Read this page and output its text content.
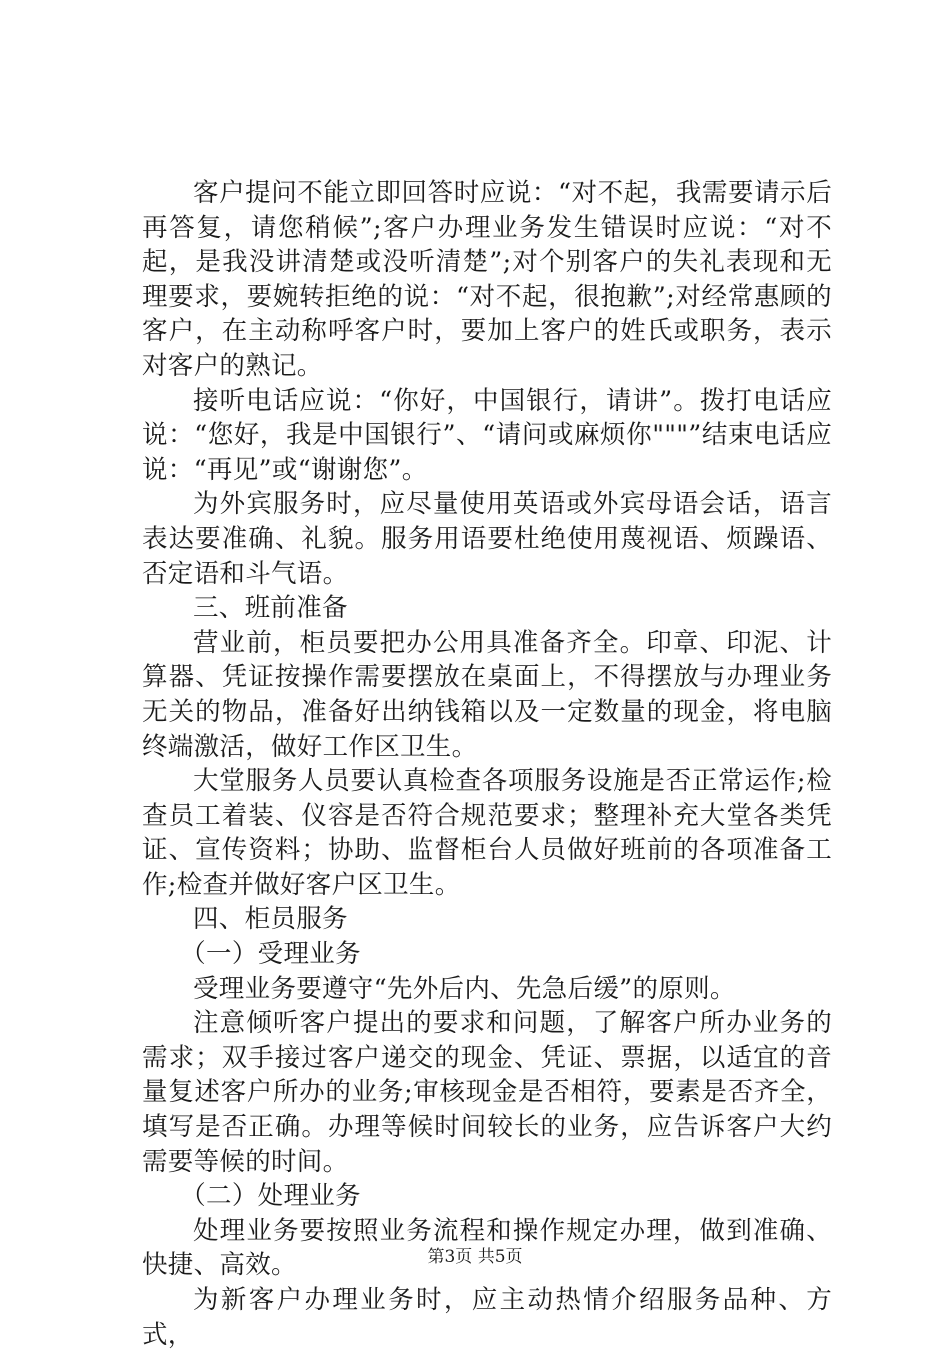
客户提问不能立即回答时应说：“对不起，我需要请示后再答复，请您稍候”;客户办理业务发生错误时应说：“对不起，是我没讲清楚或没听清楚”;对个别客户的失礼表现和无理要求，要婉转拒绝的说：“对不起，很抱歉”;对经常惠顾的客户，在主动称呼客户时，要加上客户的姓氏或职务，表示对客户的熟记。

接听电话应说：“你好，中国银行，请讲”。拨打电话应说：“您好，我是中国银行”、“请问或麻烦你"""”结束电话应说：“再见”或“谢谢您”。

为外宾服务时，应尽量使用英语或外宾母语会话，语言表达要准确、礼貌。服务用语要杜绝使用蔑视语、烦躁语、否定语和斗气语。

三、班前准备

营业前，柜员要把办公用具准备齐全。印章、印泥、计算器、凭证按操作需要摆放在桌面上，不得摆放与办理业务无关的物品，准备好出纳钱箱以及一定数量的现金，将电脑终端激活，做好工作区卫生。

大堂服务人员要认真检查各项服务设施是否正常运作;检查员工着装、仪容是否符合规范要求；整理补充大堂各类凭证、宣传资料；协助、监督柜台人员做好班前的各项准备工作;检查并做好客户区卫生。

四、柜员服务

（一）受理业务

受理业务要遵守“先外后内、先急后缓”的原则。

注意倾听客户提出的要求和问题，了解客户所办业务的需求；双手接过客户递交的现金、凭证、票据，以适宜的音量复述客户所办的业务;审核现金是否相符，要素是否齐全，填写是否正确。办理等候时间较长的业务，应告诉客户大约需要等候的时间。

（二）处理业务

处理业务要按照业务流程和操作规定办理，做到准确、快捷、高效。

为新客户办理业务时，应主动热情介绍服务品种、方式，

第3页 共5页
